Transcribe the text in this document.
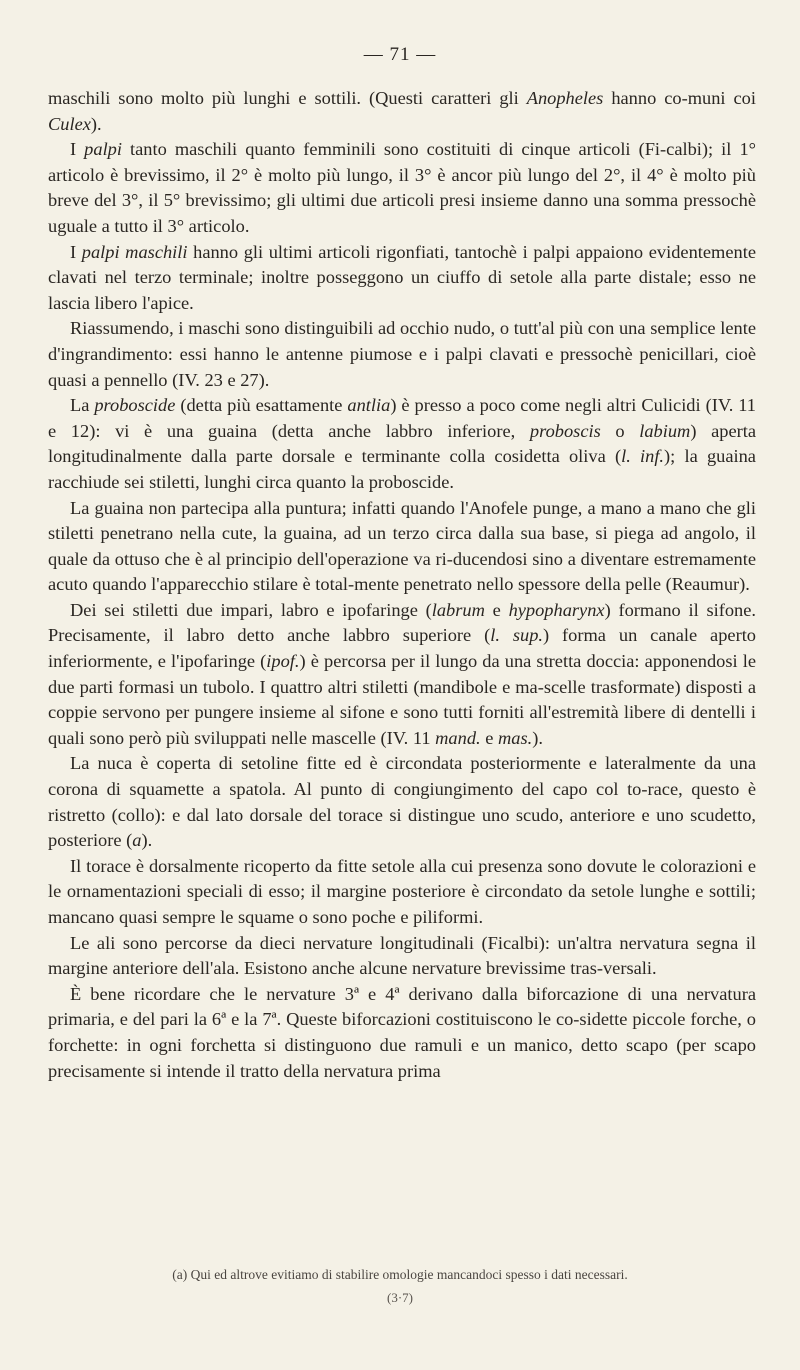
— 71 —

maschili sono molto più lunghi e sottili. (Questi caratteri gli Anopheles hanno co-muni coi Culex).

I palpi tanto maschili quanto femminili sono costituiti di cinque articoli (Fi-calbi); il 1° articolo è brevissimo, il 2° è molto più lungo, il 3° è ancor più lungo del 2°, il 4° è molto più breve del 3°, il 5° brevissimo; gli ultimi due articoli presi insieme danno una somma pressochè uguale a tutto il 3° articolo.

I palpi maschili hanno gli ultimi articoli rigonfiati, tantochè i palpi appaiono evidentemente clavati nel terzo terminale; inoltre posseggono un ciuffo di setole alla parte distale; esso ne lascia libero l'apice.

Riassumendo, i maschi sono distinguibili ad occhio nudo, o tutt'al più con una semplice lente d'ingrandimento: essi hanno le antenne piumose e i palpi clavati e pressochè penicillari, cioè quasi a pennello (IV. 23 e 27).

La proboscide (detta più esattamente antlia) è presso a poco come negli altri Culicidi (IV. 11 e 12): vi è una guaina (detta anche labbro inferiore, proboscis o labium) aperta longitudinalmente dalla parte dorsale e terminante colla cosidetta oliva (l. inf.); la guaina racchiude sei stiletti, lunghi circa quanto la proboscide.

La guaina non partecipa alla puntura; infatti quando l'Anofele punge, a mano a mano che gli stiletti penetrano nella cute, la guaina, ad un terzo circa dalla sua base, si piega ad angolo, il quale da ottuso che è al principio dell'operazione va ri-ducendosi sino a diventare estremamente acuto quando l'apparecchio stilare è total-mente penetrato nello spessore della pelle (Reaumur).

Dei sei stiletti due impari, labro e ipofaringe (labrum e hypopharynx) formano il sifone. Precisamente, il labro detto anche labbro superiore (l. sup.) forma un canale aperto inferiormente, e l'ipofaringe (ipof.) è percorsa per il lungo da una stretta doccia: apponendosi le due parti formasi un tubolo. I quattro altri stiletti (mandibole e ma-scelle trasformate) disposti a coppie servono per pungere insieme al sifone e sono tutti forniti all'estremità libere di dentelli i quali sono però più sviluppati nelle mascelle (IV. 11 mand. e mas.).

La nuca è coperta di setoline fitte ed è circondata posteriormente e lateralmente da una corona di squamette a spatola. Al punto di congiungimento del capo col to-race, questo è ristretto (collo): e dal lato dorsale del torace si distingue uno scudo, anteriore e uno scudetto, posteriore (a).

Il torace è dorsalmente ricoperto da fitte setole alla cui presenza sono dovute le colorazioni e le ornamentazioni speciali di esso; il margine posteriore è circondato da setole lunghe e sottili; mancano quasi sempre le squame o sono poche e piliformi.

Le ali sono percorse da dieci nervature longitudinali (Ficalbi): un'altra nervatura segna il margine anteriore dell'ala. Esistono anche alcune nervature brevissime tras-versali.

È bene ricordare che le nervature 3ª e 4ª derivano dalla biforcazione di una nervatura primaria, e del pari la 6ª e la 7ª. Queste biforcazioni costituiscono le co-sidette piccole forche, o forchette: in ogni forchetta si distinguono due ramuli e un manico, detto scapo (per scapo precisamente si intende il tratto della nervatura prima

(a) Qui ed altrove evitiamo di stabilire omologie mancandoci spesso i dati necessari.
(3·7)
